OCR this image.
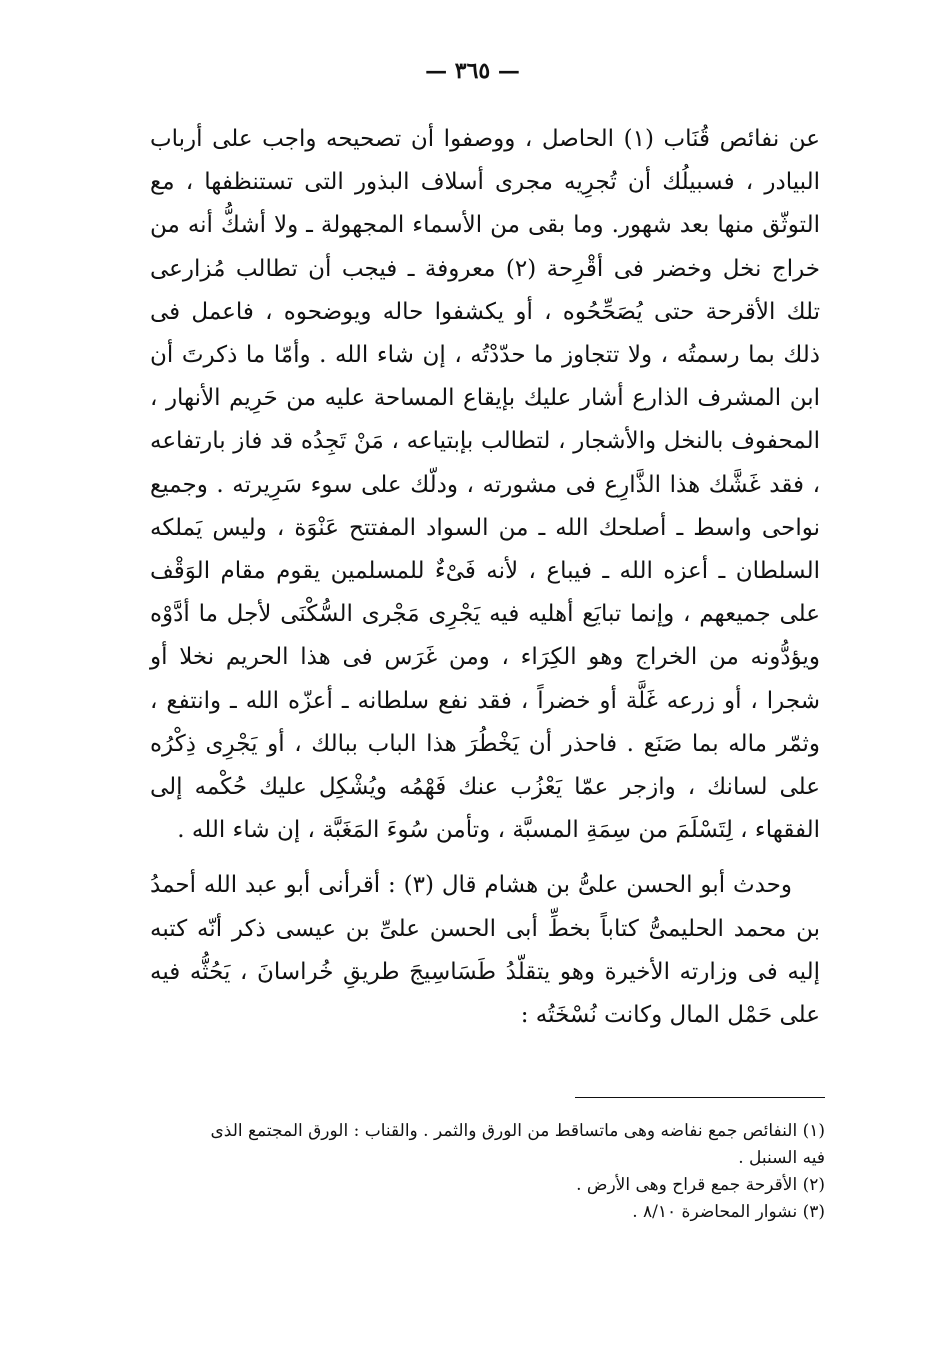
— ٣٦٥ —

عن نفائص قُنَاب (١) الحاصل ، ووصفوا أن تصحيحه واجب على أرباب البيادر ، فسبيلُك أن تُجرِيه مجرى أسلاف البذور التى تستنظفها ، مع التوثّق منها بعد شهور. وما بقى من الأسماء المجهولة ـ ولا أشكُّ أنه من خراج نخل وخضر فى أقْرِحة (٢) معروفة ـ فيجب أن تطالب مُزارعى تلك الأقرحة حتى يُصَحِّحُوه ، أو يكشفوا حاله ويوضحوه ، فاعمل فى ذلك بما رسمتُه ، ولا تتجاوز ما حدّدْتُه ، إن شاء الله . وأمّا ما ذكرتَ أن ابن المشرف الذارع أشار عليك بإيقاع المساحة عليه من حَرِيم الأنهار ، المحفوف بالنخل والأشجار ، لتطالب بإبتياعه ، مَنْ تَجِدُه قد فاز بارتفاعه ، فقد غَشَّك هذا الذَّارِع فى مشورته ، ودلّك على سوء سَرِيرته . وجميع نواحى واسط ـ أصلحك الله ـ من السواد المفتتح عَنْوَة ، وليس يَملكه السلطان ـ أعزه الله ـ فيباع ، لأنه فَىْءٌ للمسلمين يقوم مقام الوَقْف على جميعهم ، وإنما تبايَع أهليه فيه يَجْرِى مَجْرى السُّكْنَى لأجل ما أدَّوْه ويؤدُّونه من الخراج وهو الكِرَاء ، ومن غَرَس فى هذا الحريم نخلا أو شجرا ، أو زرعه غَلَّة أو خضراً ، فقد نفع سلطانه ـ أعزّه الله ـ وانتفع ، وثمّر ماله بما صَنَع . فاحذر أن يَخْطُرَ هذا الباب ببالك ، أو يَجْرِى ذِكْرُه على لسانك ، وازجر عمّا يَعْزُب عنك فَهْمُه ويُشْكِل عليك حُكْمه إلى الفقهاء ، لِتَسْلَمَ من سِمَةِ المسبَّة ، وتأمن سُوءَ المَغَبَّة ، إن شاء الله .

وحدث أبو الحسن علىُّ بن هشام قال (٣) : أقرأنى أبو عبد الله أحمدُ بن محمد الحليمىُّ كتاباً بخطِّ أبى الحسن علىِّ بن عيسى ذكر أنّه كتبه إليه فى وزارته الأخيرة وهو يتقلّدُ طَسَاسِيجَ طريقِ خُراسانَ ، يَحُثُّه فيه على حَمْل المال وكانت نُسْخَتُه :

(١) النفائص جمع نفاضه وهى ماتساقط من الورق والثمر . والقناب : الورق المجتمع الذى فيه السنبل .

(٢) الأقرحة جمع قراح وهى الأرض .

(٣) نشوار المحاضرة ٨/١٠ .
